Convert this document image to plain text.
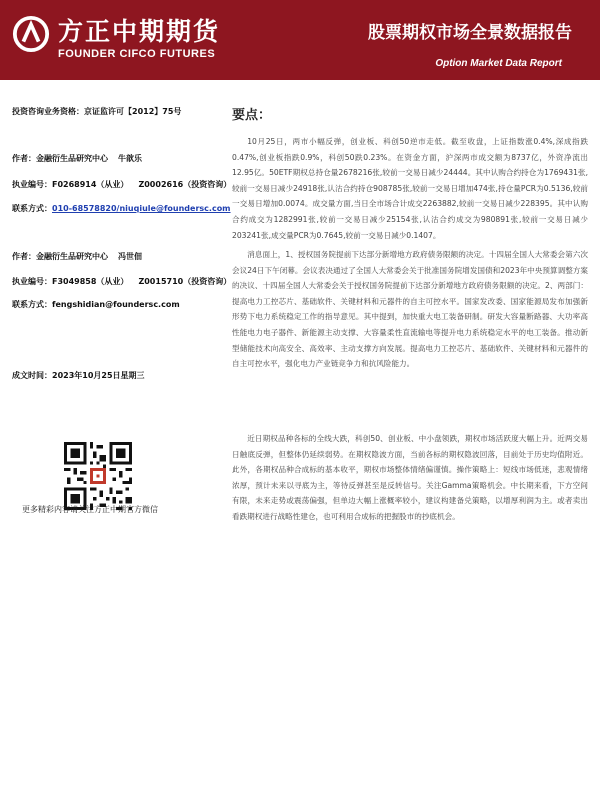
方正中期期货
FOUNDER CIFCO FUTURES
股票期权市场全景数据报告
Option Market Data Report
投资咨询业务资格：京证监许可【2012】75号
作者：金融衍生品研究中心 牛歆乐
执业编号：F0268914（从业） Z0002616（投资咨询）
联系方式：010-68578820/niuqiule@foundersc.com
作者：金融衍生品研究中心 冯世佃
执业编号：F3049858（从业） Z0015710（投资咨询）
联系方式：fengshidian@foundersc.com
成文时间：2023年10月25日星期三
更多精彩内容请关注方正中期官方微信
要点：
10月25日，两市小幅反弹，创业板、科创50逆市走低。截至收盘，上证指数涨0.4%,深成指跌0.47%,创业板指跌0.9%，科创50跌0.23%。在资金方面，沪深两市成交额为8737亿，外资净流出12.95亿。50ETF期权总持仓量2678216张,较前一交易日减少24444。其中认购合约持仓为1769431张,较前一交易日减少24918张,认沽合约持仓908785张,较前一交易日增加474张,持仓量PCR为0.5136,较前一交易日增加0.0074。成交量方面,当日全市场合计成交2263882,较前一交易日减少228395。其中认购合约成交为1282991张,较前一交易日减少25154张,认沽合约成交为980891张,较前一交易日减少203241张,成交量PCR为0.7645,较前一交易日减少0.1407。
消息面上，1、授权国务院提前下达部分新增地方政府债务限额的决定。十四届全国人大常委会第六次会议24日下午闭幕。会议表决通过了全国人大常委会关于批准国务院增发国债和2023年中央预算调整方案的决议、十四届全国人大常委会关于授权国务院提前下达部分新增地方政府债务限额的决定。2、两部门：提高电力工控芯片、基础软件、关键材料和元器件的自主可控水平。国家发改委、国家能源局发布加强新形势下电力系统稳定工作的指导意见。其中提到，加快重大电工装备研制。研发大容量断路器、大功率高性能电力电子器件、新能源主动支撑、大容量柔性直流输电等提升电力系统稳定水平的电工装备。推动新型储能技术向高安全、高效率、主动支撑方向发展。提高电力工控芯片、基础软件、关键材料和元器件的自主可控水平，强化电力产业链竞争力和抗风险能力。
近日期权品种各标的全线大跌，科创50、创业板、中小盘领跌，期权市场活跃度大幅上升。近两交易日触底反弹，但整体仍延续弱势。在期权隐波方面，当前各标的期权隐波回落，目前处于历史均值附近。此外，各期权品种合成标的基本收平，期权市场整体情绪偏谨慎。操作策略上：短线市场低迷，悲观情绪浓厚，预计未来以寻底为主，等待反弹甚至是反转信号。关注Gamma策略机会。中长期来看，下方空间有限，未来走势或震荡偏强，但单边大幅上涨概率较小，建议构建备兑策略，以增厚利润为主。或者卖出看跌期权进行战略性建仓，也可利用合成标的把握股市的抄底机会。
